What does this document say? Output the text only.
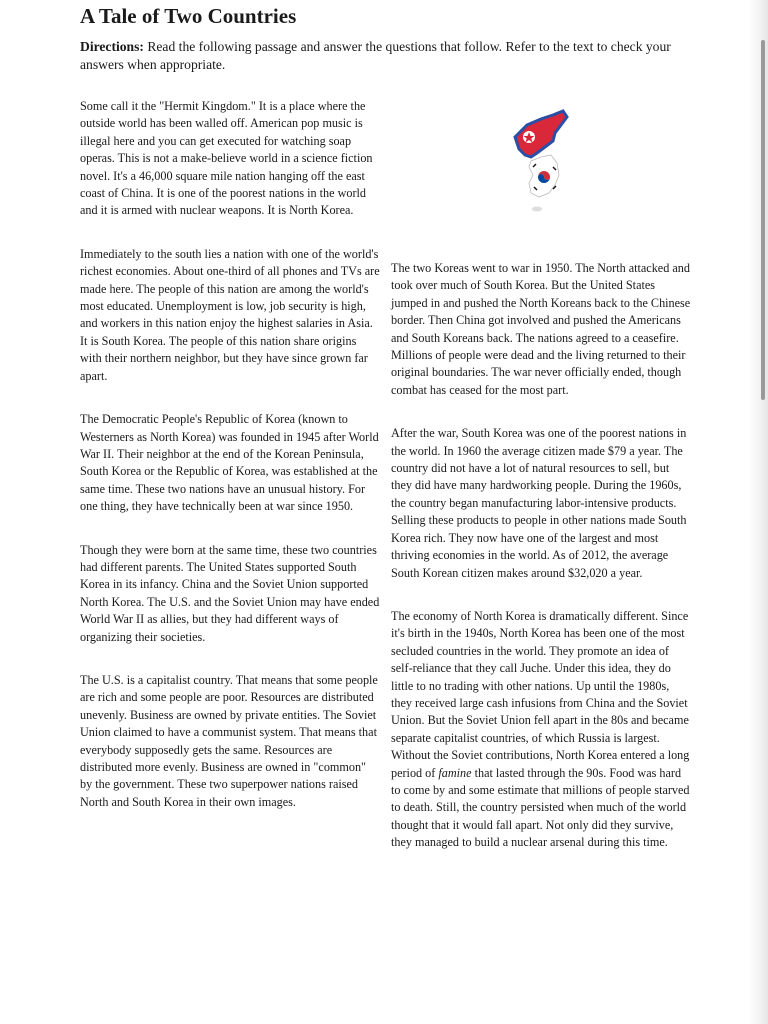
A Tale of Two Countries

Directions: Read the following passage and answer the questions that follow. Refer to the text to check your answers when appropriate.

Some call it the "Hermit Kingdom." It is a place where the outside world has been walled off. American pop music is illegal here and you can get executed for watching soap operas. This is not a make-believe world in a science fiction novel. It's a 46,000 square mile nation hanging off the east coast of China. It is one of the poorest nations in the world and it is armed with nuclear weapons. It is North Korea.

Immediately to the south lies a nation with one of the world's richest economies. About one-third of all phones and TVs are made here. The people of this nation are among the world's most educated. Unemployment is low, job security is high, and workers in this nation enjoy the highest salaries in Asia. It is South Korea. The people of this nation share origins with their northern neighbor, but they have since grown far apart.

The Democratic People's Republic of Korea (known to Westerners as North Korea) was founded in 1945 after World War II. Their neighbor at the end of the Korean Peninsula, South Korea or the Republic of Korea, was established at the same time. These two nations have an unusual history. For one thing, they have technically been at war since 1950.

Though they were born at the same time, these two countries had different parents. The United States supported South Korea in its infancy. China and the Soviet Union supported North Korea. The U.S. and the Soviet Union may have ended World War II as allies, but they had different ways of organizing their societies.

The U.S. is a capitalist country. That means that some people are rich and some people are poor. Resources are distributed unevenly. Business are owned by private entities. The Soviet Union claimed to have a communist system. That means that everybody supposedly gets the same. Resources are distributed more evenly. Business are owned in "common" by the government. These two superpower nations raised North and South Korea in their own images.

The two Koreas went to war in 1950. The North attacked and took over much of South Korea. But the United States jumped in and pushed the North Koreans back to the Chinese border. Then China got involved and pushed the Americans and South Koreans back. The nations agreed to a ceasefire. Millions of people were dead and the living returned to their original boundaries. The war never officially ended, though combat has ceased for the most part.

After the war, South Korea was one of the poorest nations in the world. In 1960 the average citizen made $79 a year. The country did not have a lot of natural resources to sell, but they did have many hardworking people. During the 1960s, the country began manufacturing labor-intensive products. Selling these products to people in other nations made South Korea rich. They now have one of the largest and most thriving economies in the world. As of 2012, the average South Korean citizen makes around $32,020 a year.

The economy of North Korea is dramatically different. Since it's birth in the 1940s, North Korea has been one of the most secluded countries in the world. They promote an idea of self-reliance that they call Juche. Under this idea, they do little to no trading with other nations. Up until the 1980s, they received large cash infusions from China and the Soviet Union. But the Soviet Union fell apart in the 80s and became separate capitalist countries, of which Russia is largest. Without the Soviet contributions, North Korea entered a long period of famine that lasted through the 90s. Food was hard to come by and some estimate that millions of people starved to death. Still, the country persisted when much of the world thought that it would fall apart. Not only did they survive, they managed to build a nuclear arsenal during this time.
